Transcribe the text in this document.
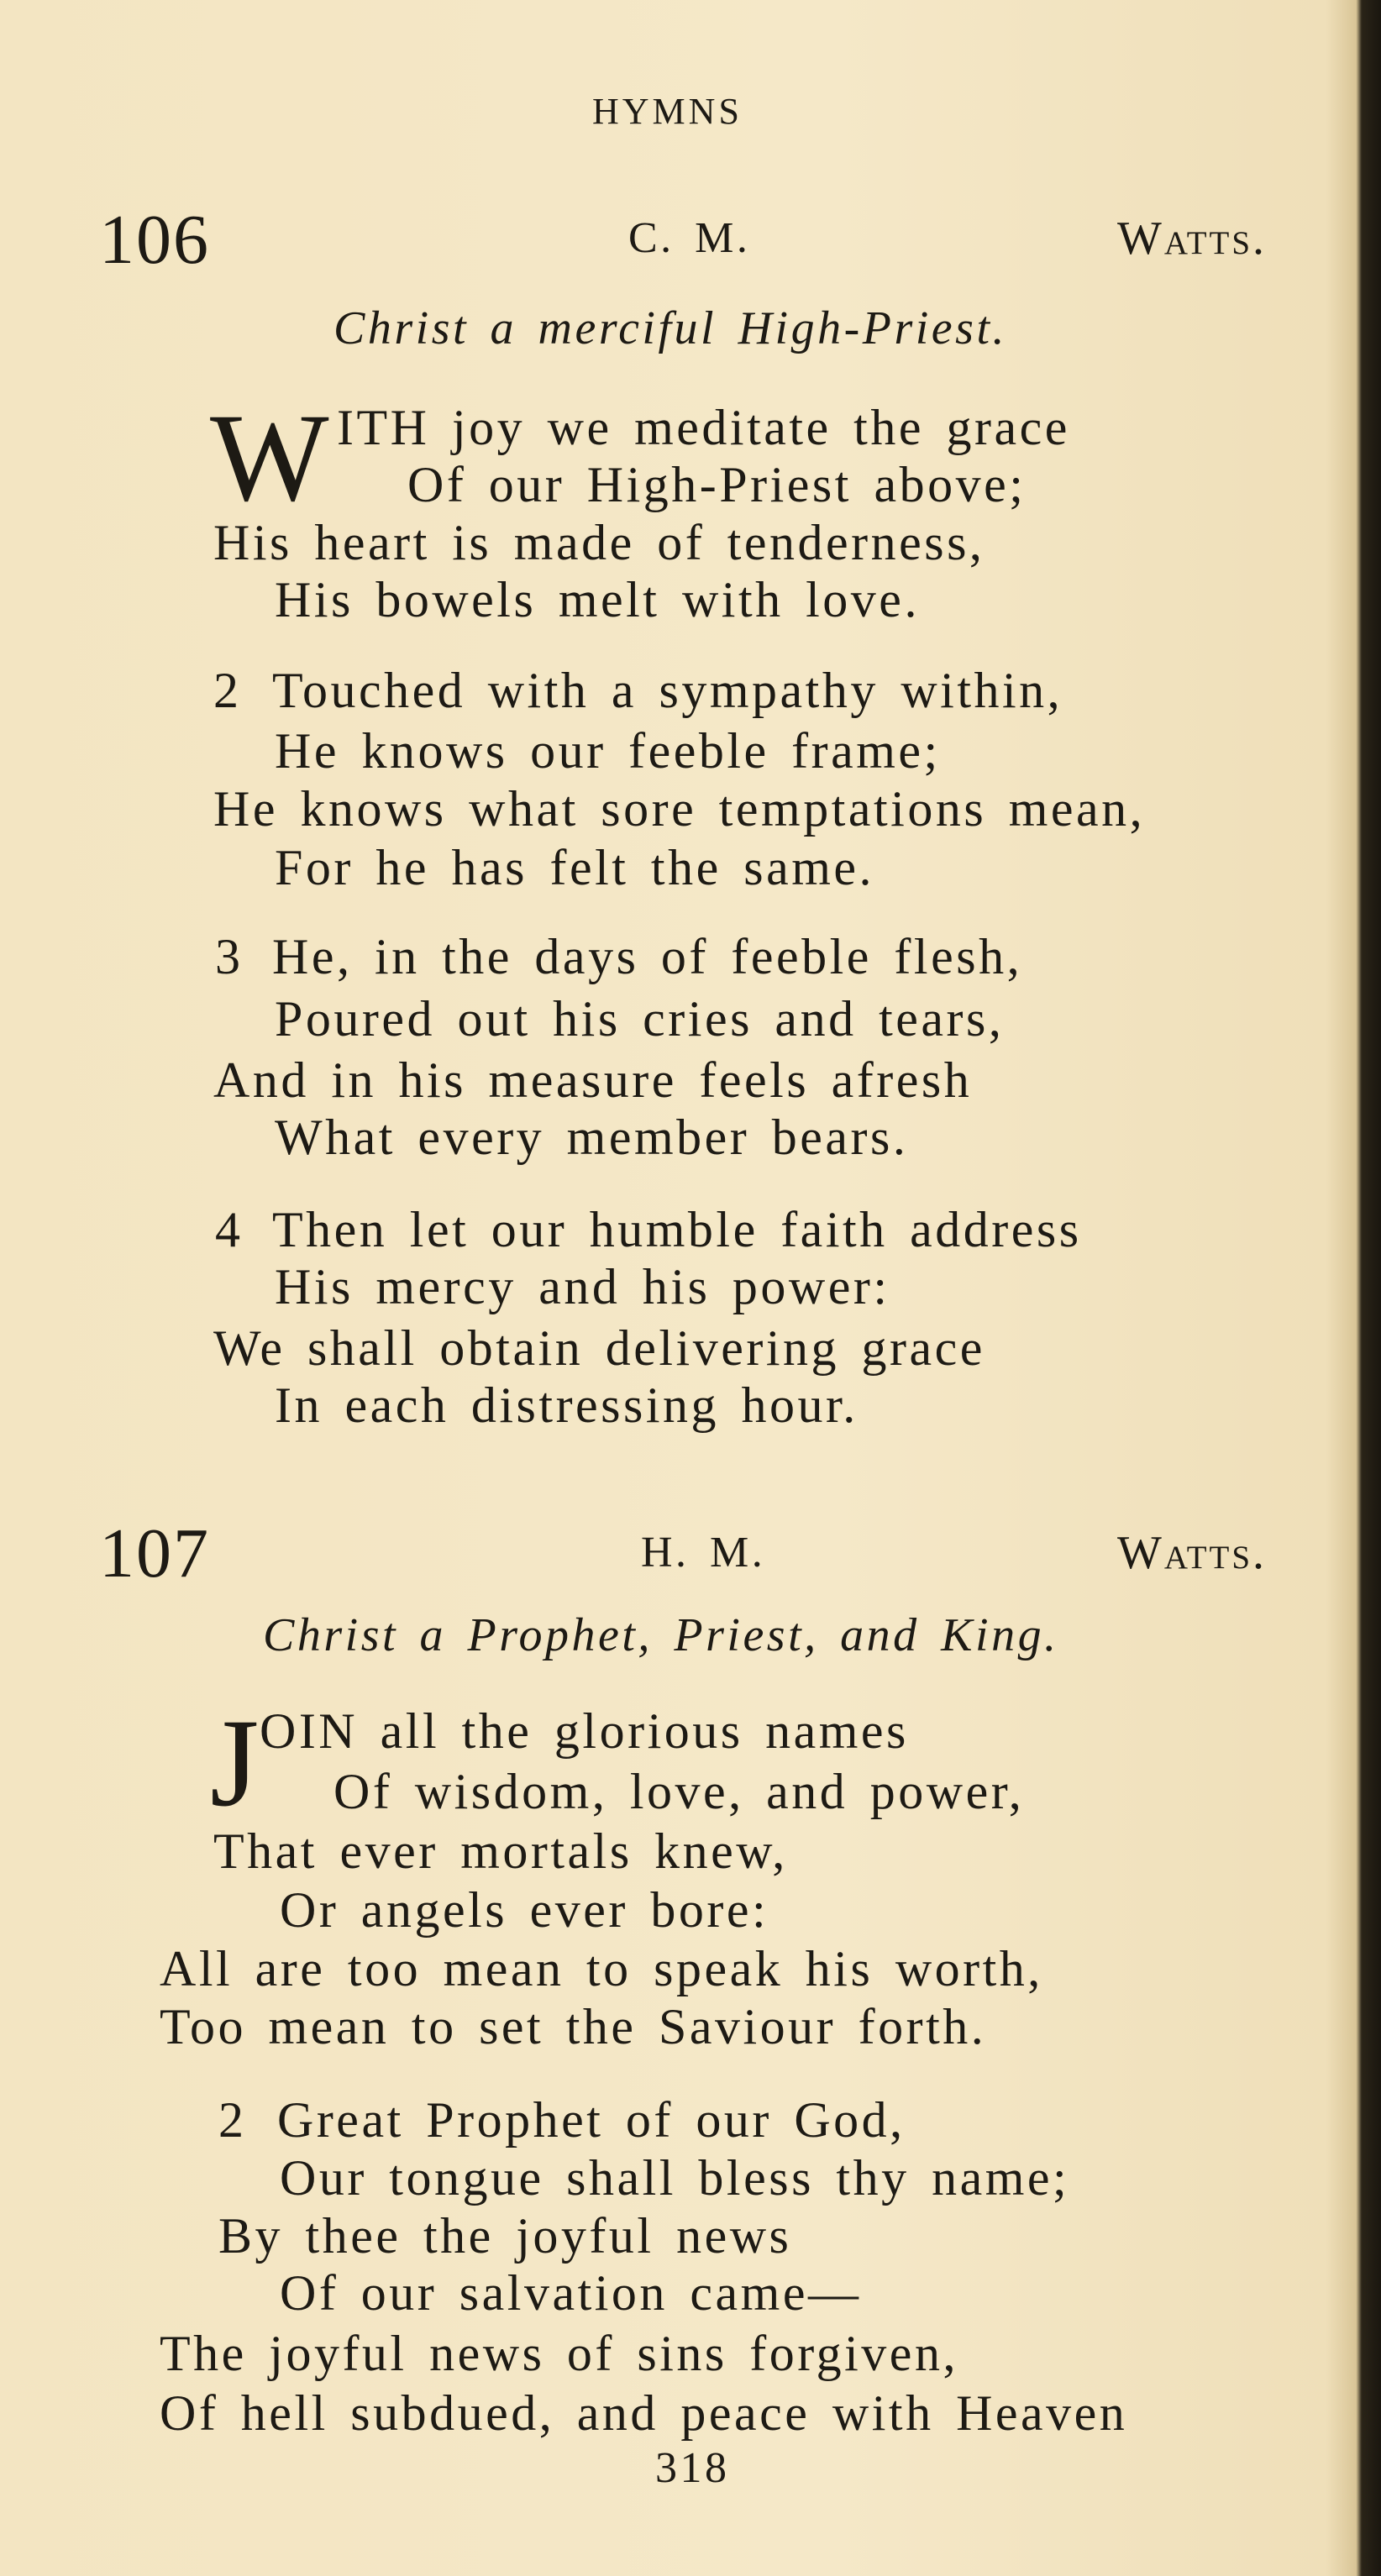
HYMNS
106	C. M.	Watts.
Christ a merciful High-Priest.
W ITH joy we meditate the grace
Of our High-Priest above;
His heart is made of tenderness,
His bowels melt with love.
2 Touched with a sympathy within,
He knows our feeble frame;
He knows what sore temptations mean,
For he has felt the same.
3 He, in the days of feeble flesh,
Poured out his cries and tears,
And in his measure feels afresh
What every member bears.
4 Then let our humble faith address
His mercy and his power:
We shall obtain delivering grace
In each distressing hour.
107	H. M.	Watts.
Christ a Prophet, Priest, and King.
J OIN all the glorious names
Of wisdom, love, and power,
That ever mortals knew,
Or angels ever bore:
All are too mean to speak his worth,
Too mean to set the Saviour forth.
2 Great Prophet of our God,
Our tongue shall bless thy name;
By thee the joyful news
Of our salvation came—
The joyful news of sins forgiven,
Of hell subdued, and peace with Heaven
318
